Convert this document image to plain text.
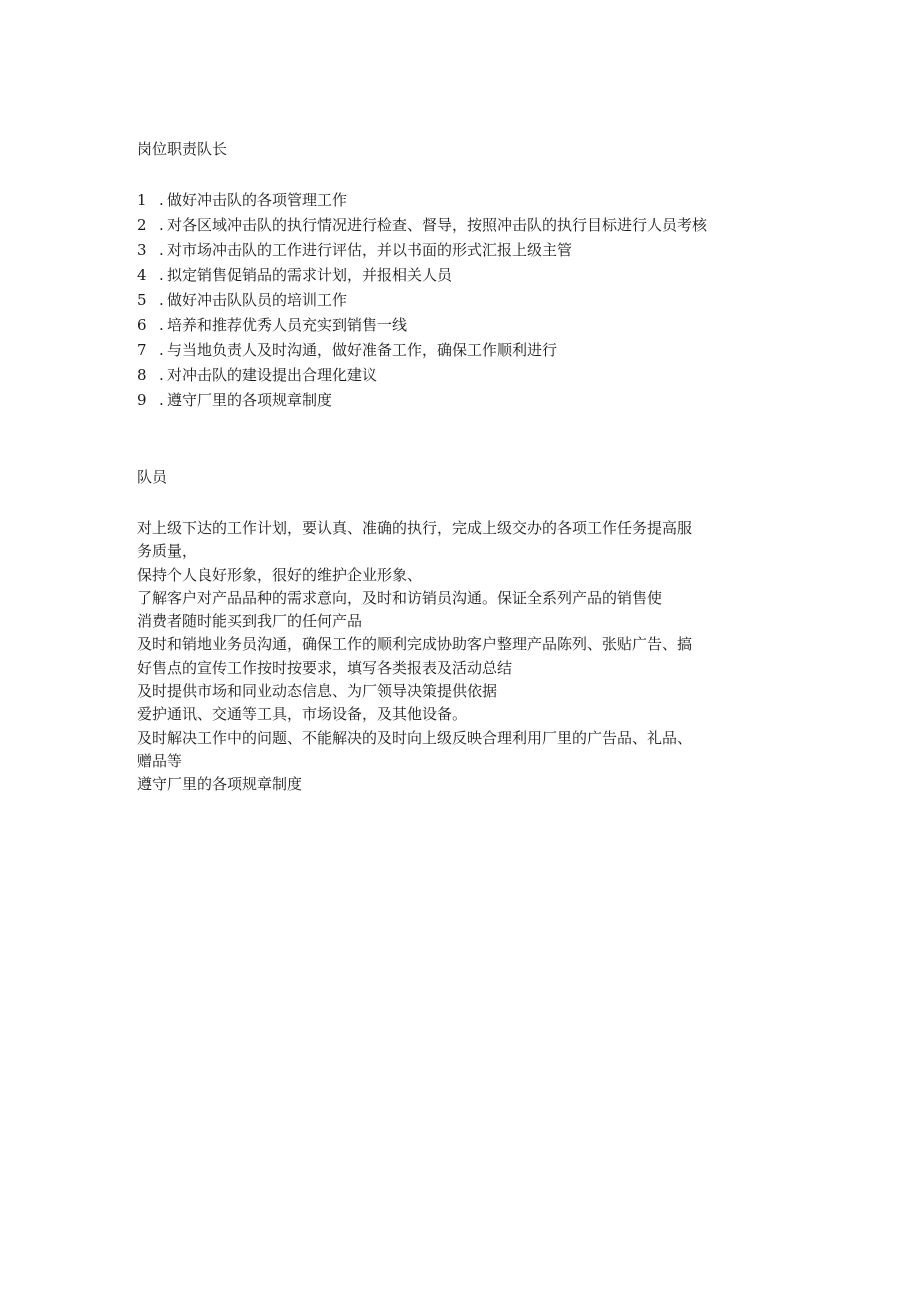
岗位职责队长
1 . 做好冲击队的各项管理工作
2 . 对各区域冲击队的执行情况进行检查、督导，按照冲击队的执行目标进行人员考核
3 . 对市场冲击队的工作进行评估，并以书面的形式汇报上级主管
4 . 拟定销售促销品的需求计划，并报相关人员
5 . 做好冲击队队员的培训工作
6 . 培养和推荐优秀人员充实到销售一线
7 . 与当地负责人及时沟通，做好准备工作，确保工作顺利进行
8 . 对冲击队的建设提出合理化建议
9 . 遵守厂里的各项规章制度
队员
对上级下达的工作计划，要认真、准确的执行，完成上级交办的各项工作任务提高服
务质量，
保持个人良好形象，很好的维护企业形象、
了解客户对产品品种的需求意向，及时和访销员沟通。保证全系列产品的销售使
消费者随时能买到我厂的任何产品
及时和销地业务员沟通，确保工作的顺利完成协助客户整理产品陈列、张贴广告、搞
好售点的宣传工作按时按要求，填写各类报表及活动总结
及时提供市场和同业动态信息、为厂领导决策提供依据
爱护通讯、交通等工具，市场设备，及其他设备。
及时解决工作中的问题、不能解决的及时向上级反映合理利用厂里的广告品、礼品、
赠品等
遵守厂里的各项规章制度
